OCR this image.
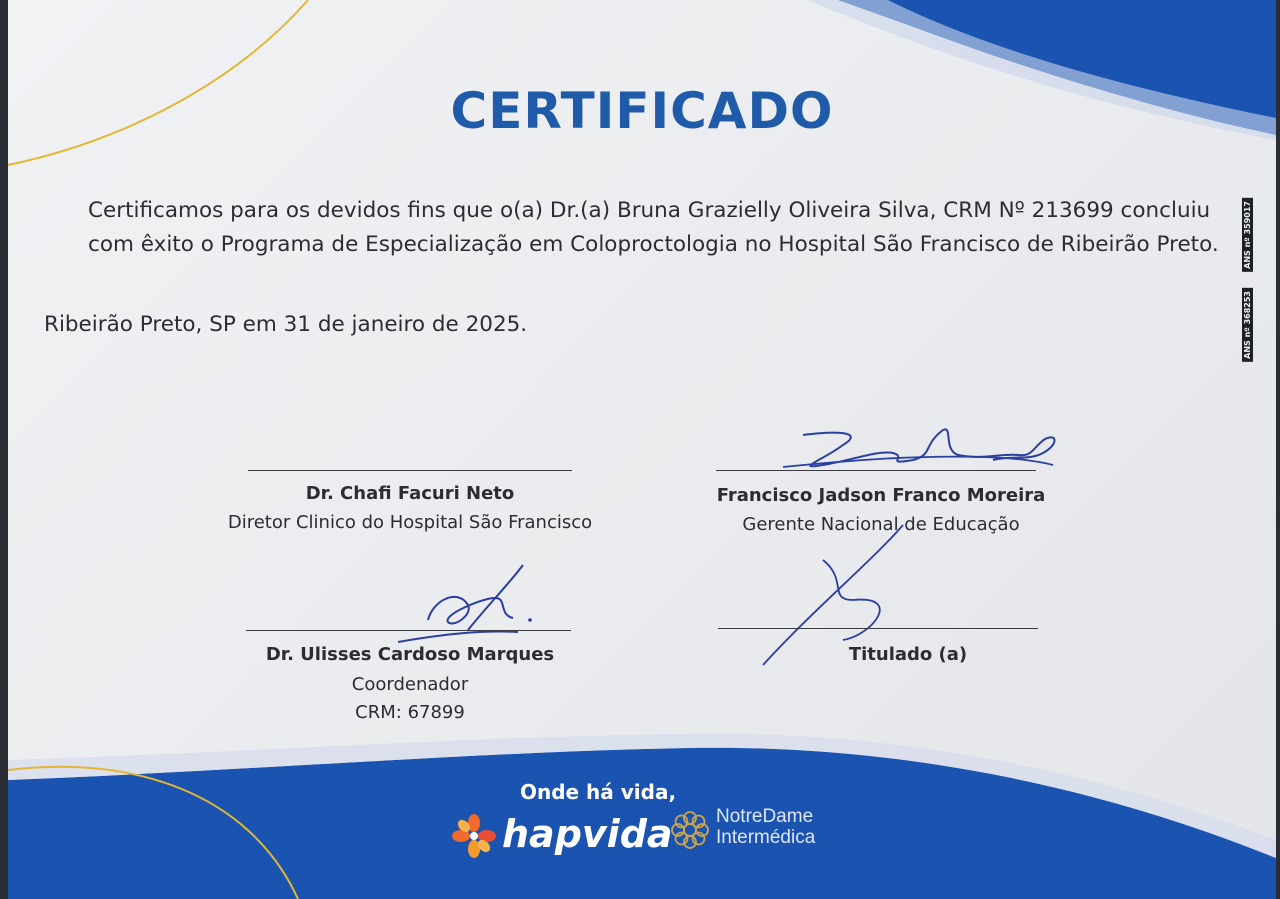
CERTIFICADO
Certificamos para os devidos fins que o(a) Dr.(a) Bruna Grazielly Oliveira Silva, CRM Nº 213699 concluiu
com êxito o Programa de Especialização em Coloproctologia no Hospital São Francisco de Ribeirão Preto.
Ribeirão Preto, SP em 31 de janeiro de 2025.
ANS nº 359017
ANS nº 368253
Dr. Chafi Facuri Neto
Diretor Clinico do Hospital São Francisco
Francisco Jadson Franco Moreira
Gerente Nacional de Educação
Dr. Ulisses Cardoso Marques
Coordenador
CRM: 67899
Titulado (a)
Onde há vida,
hapvida NotreDame
Intermédica
